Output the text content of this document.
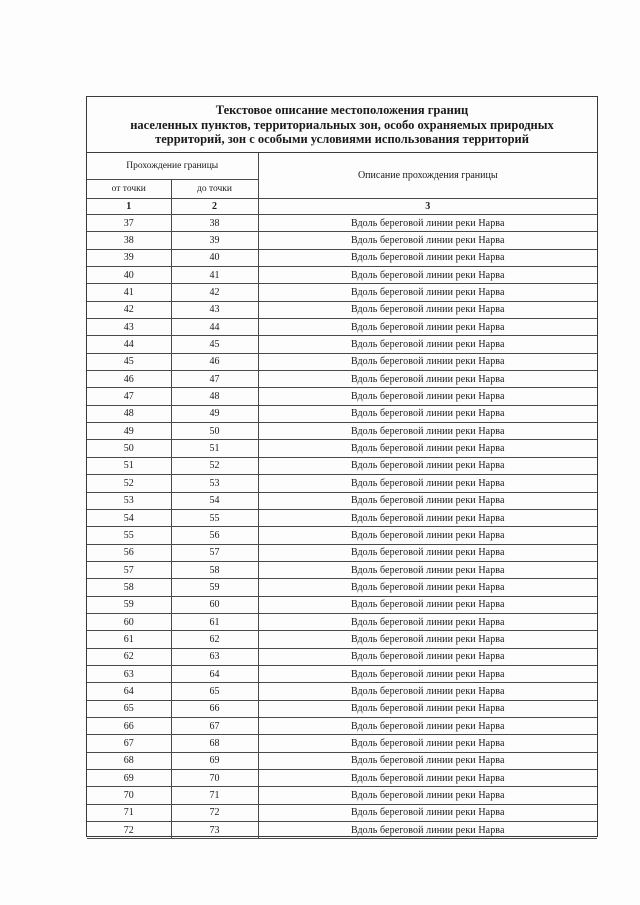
Текстовое описание местоположения границ
населенных пунктов, территориальных зон, особо охраняемых природных
территорий, зон с особыми условиями использования территорий
Прохождение границы		Описание прохождения границы
от точки	до точки	
1	2	3
37	38	Вдоль береговой линии реки Нарва
38	39	Вдоль береговой линии реки Нарва
39	40	Вдоль береговой линии реки Нарва
40	41	Вдоль береговой линии реки Нарва
41	42	Вдоль береговой линии реки Нарва
42	43	Вдоль береговой линии реки Нарва
43	44	Вдоль береговой линии реки Нарва
44	45	Вдоль береговой линии реки Нарва
45	46	Вдоль береговой линии реки Нарва
46	47	Вдоль береговой линии реки Нарва
47	48	Вдоль береговой линии реки Нарва
48	49	Вдоль береговой линии реки Нарва
49	50	Вдоль береговой линии реки Нарва
50	51	Вдоль береговой линии реки Нарва
51	52	Вдоль береговой линии реки Нарва
52	53	Вдоль береговой линии реки Нарва
53	54	Вдоль береговой линии реки Нарва
54	55	Вдоль береговой линии реки Нарва
55	56	Вдоль береговой линии реки Нарва
56	57	Вдоль береговой линии реки Нарва
57	58	Вдоль береговой линии реки Нарва
58	59	Вдоль береговой линии реки Нарва
59	60	Вдоль береговой линии реки Нарва
60	61	Вдоль береговой линии реки Нарва
61	62	Вдоль береговой линии реки Нарва
62	63	Вдоль береговой линии реки Нарва
63	64	Вдоль береговой линии реки Нарва
64	65	Вдоль береговой линии реки Нарва
65	66	Вдоль береговой линии реки Нарва
66	67	Вдоль береговой линии реки Нарва
67	68	Вдоль береговой линии реки Нарва
68	69	Вдоль береговой линии реки Нарва
69	70	Вдоль береговой линии реки Нарва
70	71	Вдоль береговой линии реки Нарва
71	72	Вдоль береговой линии реки Нарва
72	73	Вдоль береговой линии реки Нарва
